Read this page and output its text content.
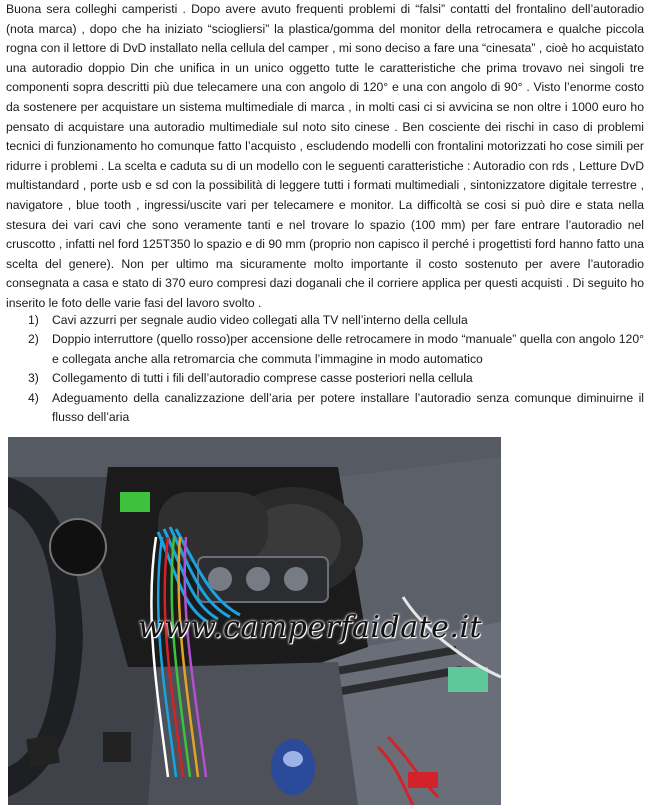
Buona sera colleghi camperisti . Dopo avere avuto frequenti problemi di “falsi” contatti del frontalino dell’autoradio (nota marca) , dopo che ha iniziato “sciogliersi” la plastica/gomma del monitor della retrocamera e qualche piccola rogna con il lettore di DvD installato nella cellula del camper , mi sono deciso a fare una “cinesata” , cioè ho acquistato una autoradio doppio Din che unifica in un unico oggetto tutte le caratteristiche che prima trovavo nei singoli tre componenti sopra descritti più due telecamere una con angolo di 120° e una con angolo di 90° . Visto l’enorme costo da sostenere per acquistare un sistema multimediale di marca , in molti casi ci si avvicina se non oltre i 1000 euro ho pensato di acquistare una autoradio multimediale sul noto sito cinese . Ben cosciente dei rischi in caso di problemi tecnici di funzionamento ho comunque fatto l’acquisto , escludendo modelli con frontalini motorizzati ho cose simili per ridurre i problemi . La scelta e caduta su di un modello con le seguenti caratteristiche : Autoradio con rds , Letture DvD multistandard , porte usb e sd con la possibilità di leggere tutti i formati multimediali , sintonizzatore digitale terrestre , navigatore , blue tooth , ingressi/uscite vari per telecamere e monitor. La difficoltà se cosi si può dire e stata nella stesura dei vari cavi che sono veramente tanti e nel trovare lo spazio (100 mm) per fare entrare l’autoradio nel cruscotto , infatti nel ford 125T350 lo spazio e di 90 mm (proprio non capisco il perché i progettisti ford hanno fatto una scelta del genere). Non per ultimo ma sicuramente molto importante il costo sostenuto per avere l’autoradio consegnata a casa e stato di 370 euro compresi dazi doganali che il corriere applica per questi acquisti . Di seguito ho inserito le foto delle varie fasi del lavoro svolto .

1) Cavi azzurri per segnale audio video collegati alla TV nell’interno della cellula
2) Doppio interruttore (quello rosso)per accensione delle retrocamere in modo “manuale” quella con angolo 120° e collegata anche alla retromarcia che commuta l’immagine in modo automatico
3) Collegamento di tutti i fili dell’autoradio comprese casse posteriori nella cellula
4) Adeguamento della canalizzazione dell’aria per potere installare l’autoradio senza comunque diminuirne il flusso dell’aria
www.camperfaidate.it
